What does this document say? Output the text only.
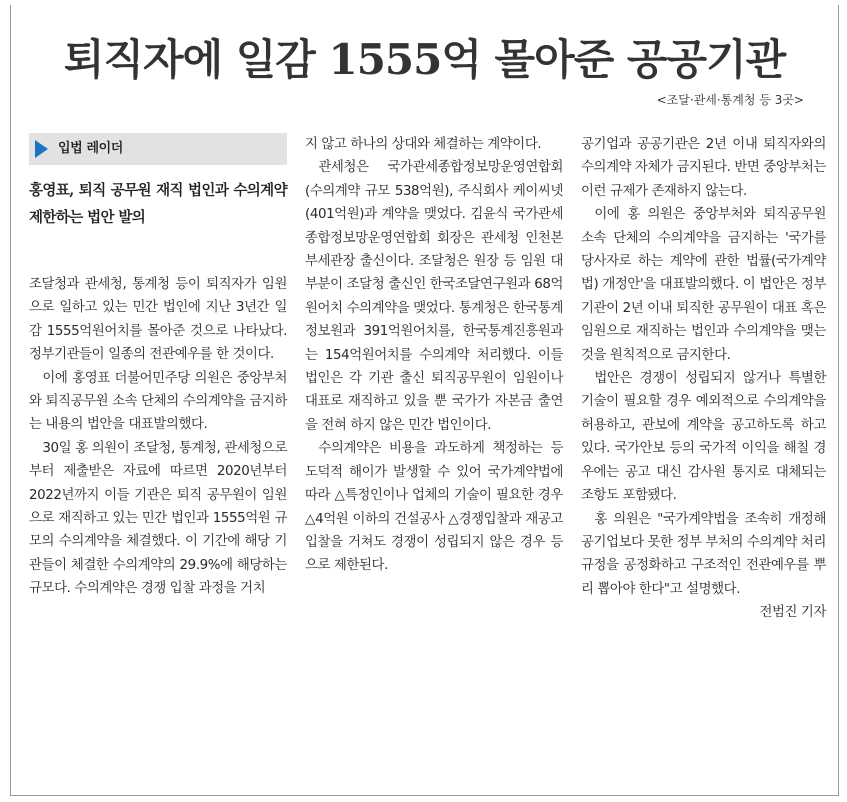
퇴직자에 일감 1555억 몰아준 공공기관
<조달·관세·통계청 등 3곳>
입법 레이더

홍영표, 퇴직 공무원 재직 법인과 수의계약 제한하는 법안 발의

조달청과 관세청, 통계청 등이 퇴직자가 임원으로 일하고 있는 민간 법인에 지난 3년간 일감 1555억원어치를 몰아준 것으로 나타났다. 정부기관들이 일종의 전관예우를 한 것이다.

이에 홍영표 더불어민주당 의원은 중앙부처와 퇴직공무원 소속 단체의 수의계약을 금지하는 내용의 법안을 대표발의했다.

30일 홍 의원이 조달청, 통계청, 관세청으로부터 제출받은 자료에 따르면 2020년부터 2022년까지 이들 기관은 퇴직 공무원이 임원으로 재직하고 있는 민간 법인과 1555억원 규모의 수의계약을 체결했다. 이 기간에 해당 기관들이 체결한 수의계약의 29.9%에 해당하는 규모다. 수의계약은 경쟁 입찰 과정을 거치

지 않고 하나의 상대와 체결하는 계약이다.

관세청은 국가관세종합정보망운영연합회(수의계약 규모 538억원), 주식회사 케이씨넷(401억원)과 계약을 맺었다. 김윤식 국가관세종합정보망운영연합회 회장은 관세청 인천본부세관장 출신이다. 조달청은 원장 등 임원 대부분이 조달청 출신인 한국조달연구원과 68억원어치 수의계약을 맺었다. 통계청은 한국통계정보원과 391억원어치를, 한국통계진흥원과는 154억원어치를 수의계약 처리했다. 이들 법인은 각 기관 출신 퇴직공무원이 임원이나 대표로 재직하고 있을 뿐 국가가 자본금 출연을 전혀 하지 않은 민간 법인이다.

수의계약은 비용을 과도하게 책정하는 등 도덕적 해이가 발생할 수 있어 국가계약법에 따라 △특정인이나 업체의 기술이 필요한 경우 △4억원 이하의 건설공사 △경쟁입찰과 재공고입찰을 거쳐도 경쟁이 성립되지 않은 경우 등으로 제한된다.

공기업과 공공기관은 2년 이내 퇴직자와의 수의계약 자체가 금지된다. 반면 중앙부처는 이런 규제가 존재하지 않는다.

이에 홍 의원은 중앙부처와 퇴직공무원 소속 단체의 수의계약을 금지하는 '국가를 당사자로 하는 계약에 관한 법률(국가계약법) 개정안'을 대표발의했다. 이 법안은 정부 기관이 2년 이내 퇴직한 공무원이 대표 혹은 임원으로 재직하는 법인과 수의계약을 맺는 것을 원칙적으로 금지한다.

법안은 경쟁이 성립되지 않거나 특별한 기술이 필요할 경우 예외적으로 수의계약을 허용하고, 관보에 계약을 공고하도록 하고 있다. 국가안보 등의 국가적 이익을 해칠 경우에는 공고 대신 감사원 통지로 대체되는 조항도 포함됐다.

홍 의원은 "국가계약법을 조속히 개정해 공기업보다 못한 정부 부처의 수의계약 처리 규정을 공정화하고 구조적인 전관예우를 뿌리 뽑아야 한다"고 설명했다.

전범진 기자
